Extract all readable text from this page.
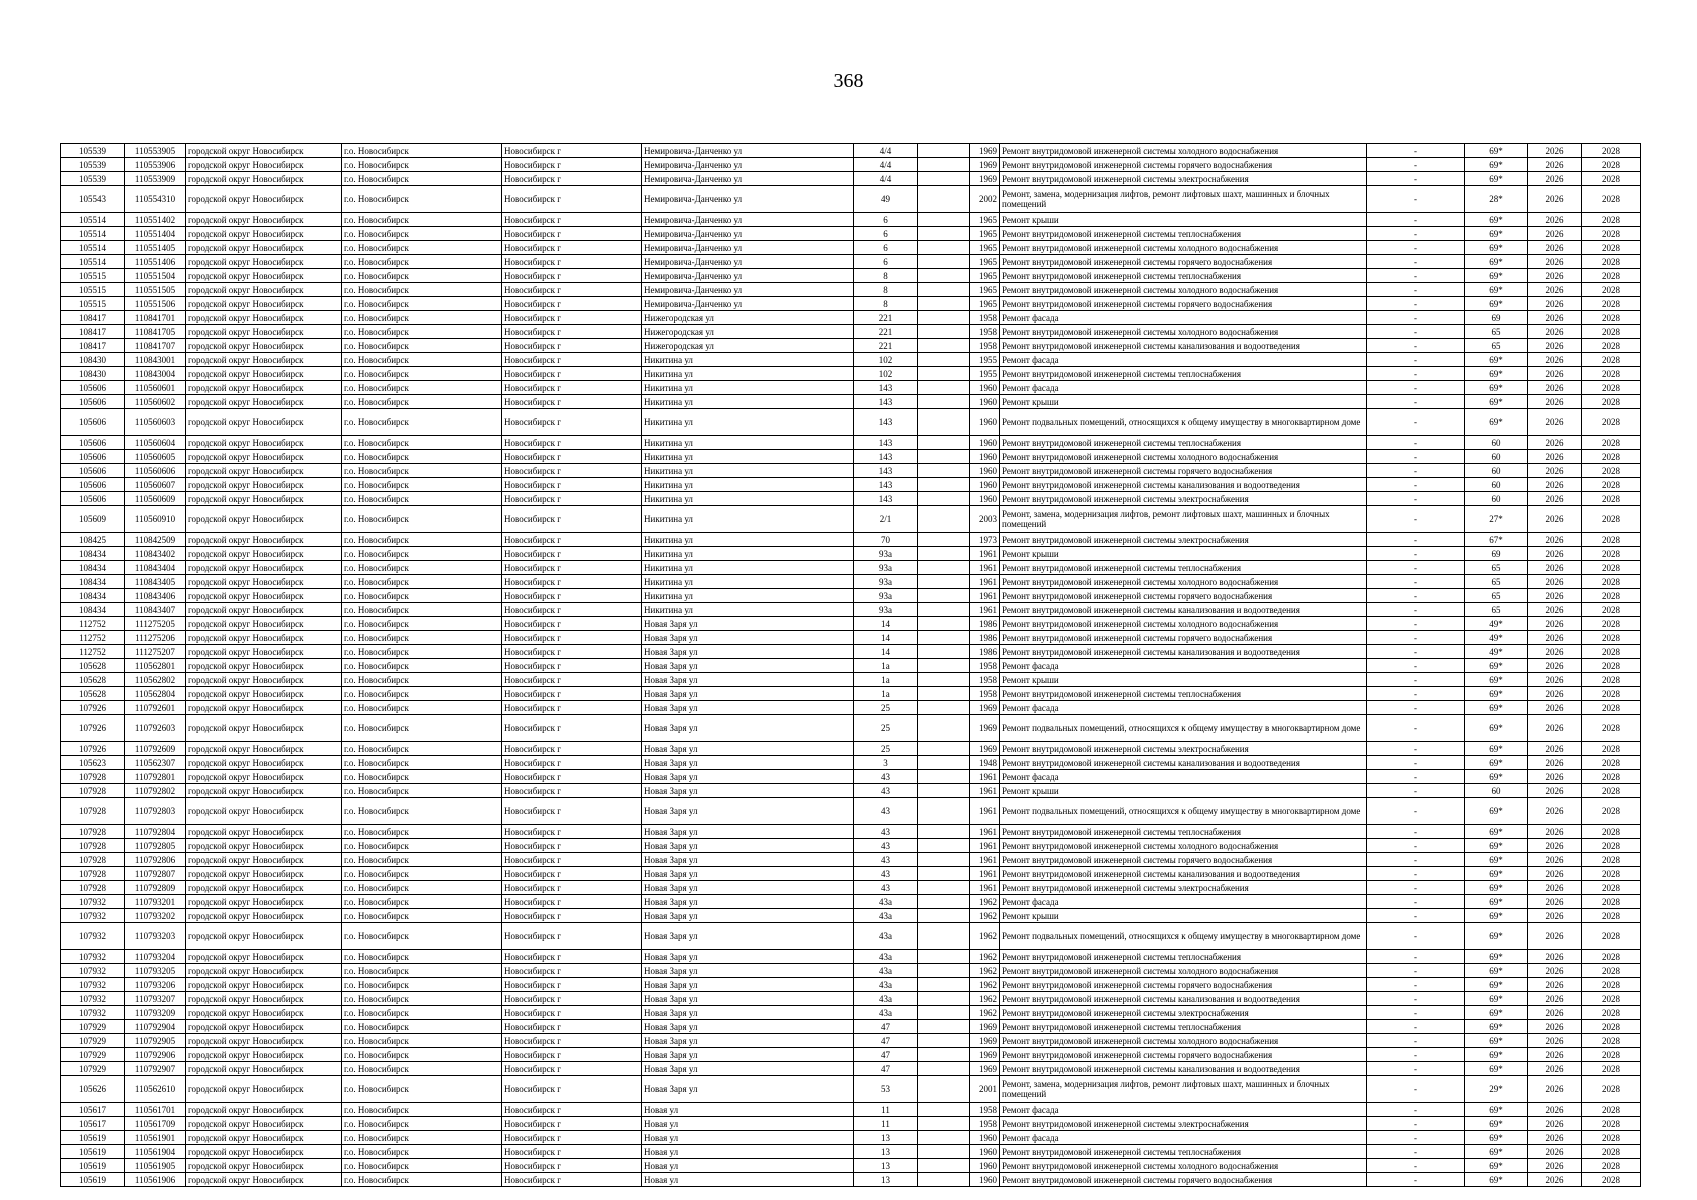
368
105539	110553905	городской округ Новосибирск	г.о. Новосибирск	Новосибирск г	Немировича-Данченко ул	4/4		1969	Ремонт внутридомовой инженерной системы холодного водоснабжения	-	69*	2026	2028
105539	110553906	городской округ Новосибирск	г.о. Новосибирск	Новосибирск г	Немировича-Данченко ул	4/4		1969	Ремонт внутридомовой инженерной системы горячего водоснабжения	-	69*	2026	2028
105539	110553909	городской округ Новосибирск	г.о. Новосибирск	Новосибирск г	Немировича-Данченко ул	4/4		1969	Ремонт внутридомовой инженерной системы электроснабжения	-	69*	2026	2028
105543	110554310	городской округ Новосибирск	г.о. Новосибирск	Новосибирск г	Немировича-Данченко ул	49		2002	Ремонт, замена, модернизация лифтов, ремонт лифтовых шахт, машинных и блочных помещений	-	28*	2026	2028
105514	110551402	городской округ Новосибирск	г.о. Новосибирск	Новосибирск г	Немировича-Данченко ул	6		1965	Ремонт крыши	-	69*	2026	2028
105514	110551404	городской округ Новосибирск	г.о. Новосибирск	Новосибирск г	Немировича-Данченко ул	6		1965	Ремонт внутридомовой инженерной системы теплоснабжения	-	69*	2026	2028
105514	110551405	городской округ Новосибирск	г.о. Новосибирск	Новосибирск г	Немировича-Данченко ул	6		1965	Ремонт внутридомовой инженерной системы холодного водоснабжения	-	69*	2026	2028
105514	110551406	городской округ Новосибирск	г.о. Новосибирск	Новосибирск г	Немировича-Данченко ул	6		1965	Ремонт внутридомовой инженерной системы горячего водоснабжения	-	69*	2026	2028
105515	110551504	городской округ Новосибирск	г.о. Новосибирск	Новосибирск г	Немировича-Данченко ул	8		1965	Ремонт внутридомовой инженерной системы теплоснабжения	-	69*	2026	2028
105515	110551505	городской округ Новосибирск	г.о. Новосибирск	Новосибирск г	Немировича-Данченко ул	8		1965	Ремонт внутридомовой инженерной системы холодного водоснабжения	-	69*	2026	2028
105515	110551506	городской округ Новосибирск	г.о. Новосибирск	Новосибирск г	Немировича-Данченко ул	8		1965	Ремонт внутридомовой инженерной системы горячего водоснабжения	-	69*	2026	2028
108417	110841701	городской округ Новосибирск	г.о. Новосибирск	Новосибирск г	Нижегородская ул	221		1958	Ремонт фасада	-	69	2026	2028
108417	110841705	городской округ Новосибирск	г.о. Новосибирск	Новосибирск г	Нижегородская ул	221		1958	Ремонт внутридомовой инженерной системы холодного водоснабжения	-	65	2026	2028
108417	110841707	городской округ Новосибирск	г.о. Новосибирск	Новосибирск г	Нижегородская ул	221		1958	Ремонт внутридомовой инженерной системы канализования и водоотведения	-	65	2026	2028
108430	110843001	городской округ Новосибирск	г.о. Новосибирск	Новосибирск г	Никитина ул	102		1955	Ремонт фасада	-	69*	2026	2028
108430	110843004	городской округ Новосибирск	г.о. Новосибирск	Новосибирск г	Никитина ул	102		1955	Ремонт внутридомовой инженерной системы теплоснабжения	-	69*	2026	2028
105606	110560601	городской округ Новосибирск	г.о. Новосибирск	Новосибирск г	Никитина ул	143		1960	Ремонт фасада	-	69*	2026	2028
105606	110560602	городской округ Новосибирск	г.о. Новосибирск	Новосибирск г	Никитина ул	143		1960	Ремонт крыши	-	69*	2026	2028
105606	110560603	городской округ Новосибирск	г.о. Новосибирск	Новосибирск г	Никитина ул	143		1960	Ремонт подвальных помещений, относящихся к общему имуществу в многоквартирном доме	-	69*	2026	2028
105606	110560604	городской округ Новосибирск	г.о. Новосибирск	Новосибирск г	Никитина ул	143		1960	Ремонт внутридомовой инженерной системы теплоснабжения	-	60	2026	2028
105606	110560605	городской округ Новосибирск	г.о. Новосибирск	Новосибирск г	Никитина ул	143		1960	Ремонт внутридомовой инженерной системы холодного водоснабжения	-	60	2026	2028
105606	110560606	городской округ Новосибирск	г.о. Новосибирск	Новосибирск г	Никитина ул	143		1960	Ремонт внутридомовой инженерной системы горячего водоснабжения	-	60	2026	2028
105606	110560607	городской округ Новосибирск	г.о. Новосибирск	Новосибирск г	Никитина ул	143		1960	Ремонт внутридомовой инженерной системы канализования и водоотведения	-	60	2026	2028
105606	110560609	городской округ Новосибирск	г.о. Новосибирск	Новосибирск г	Никитина ул	143		1960	Ремонт внутридомовой инженерной системы электроснабжения	-	60	2026	2028
105609	110560910	городской округ Новосибирск	г.о. Новосибирск	Новосибирск г	Никитина ул	2/1		2003	Ремонт, замена, модернизация лифтов, ремонт лифтовых шахт, машинных и блочных помещений	-	27*	2026	2028
108425	110842509	городской округ Новосибирск	г.о. Новосибирск	Новосибирск г	Никитина ул	70		1973	Ремонт внутридомовой инженерной системы электроснабжения	-	67*	2026	2028
108434	110843402	городской округ Новосибирск	г.о. Новосибирск	Новосибирск г	Никитина ул	93а		1961	Ремонт крыши	-	69	2026	2028
108434	110843404	городской округ Новосибирск	г.о. Новосибирск	Новосибирск г	Никитина ул	93а		1961	Ремонт внутридомовой инженерной системы теплоснабжения	-	65	2026	2028
108434	110843405	городской округ Новосибирск	г.о. Новосибирск	Новосибирск г	Никитина ул	93а		1961	Ремонт внутридомовой инженерной системы холодного водоснабжения	-	65	2026	2028
108434	110843406	городской округ Новосибирск	г.о. Новосибирск	Новосибирск г	Никитина ул	93а		1961	Ремонт внутридомовой инженерной системы горячего водоснабжения	-	65	2026	2028
108434	110843407	городской округ Новосибирск	г.о. Новосибирск	Новосибирск г	Никитина ул	93а		1961	Ремонт внутридомовой инженерной системы канализования и водоотведения	-	65	2026	2028
112752	111275205	городской округ Новосибирск	г.о. Новосибирск	Новосибирск г	Новая Заря ул	14		1986	Ремонт внутридомовой инженерной системы холодного водоснабжения	-	49*	2026	2028
112752	111275206	городской округ Новосибирск	г.о. Новосибирск	Новосибирск г	Новая Заря ул	14		1986	Ремонт внутридомовой инженерной системы горячего водоснабжения	-	49*	2026	2028
112752	111275207	городской округ Новосибирск	г.о. Новосибирск	Новосибирск г	Новая Заря ул	14		1986	Ремонт внутридомовой инженерной системы канализования и водоотведения	-	49*	2026	2028
105628	110562801	городской округ Новосибирск	г.о. Новосибирск	Новосибирск г	Новая Заря ул	1а		1958	Ремонт фасада	-	69*	2026	2028
105628	110562802	городской округ Новосибирск	г.о. Новосибирск	Новосибирск г	Новая Заря ул	1а		1958	Ремонт крыши	-	69*	2026	2028
105628	110562804	городской округ Новосибирск	г.о. Новосибирск	Новосибирск г	Новая Заря ул	1а		1958	Ремонт внутридомовой инженерной системы теплоснабжения	-	69*	2026	2028
107926	110792601	городской округ Новосибирск	г.о. Новосибирск	Новосибирск г	Новая Заря ул	25		1969	Ремонт фасада	-	69*	2026	2028
107926	110792603	городской округ Новосибирск	г.о. Новосибирск	Новосибирск г	Новая Заря ул	25		1969	Ремонт подвальных помещений, относящихся к общему имуществу в многоквартирном доме	-	69*	2026	2028
107926	110792609	городской округ Новосибирск	г.о. Новосибирск	Новосибирск г	Новая Заря ул	25		1969	Ремонт внутридомовой инженерной системы электроснабжения	-	69*	2026	2028
105623	110562307	городской округ Новосибирск	г.о. Новосибирск	Новосибирск г	Новая Заря ул	3		1948	Ремонт внутридомовой инженерной системы канализования и водоотведения	-	69*	2026	2028
107928	110792801	городской округ Новосибирск	г.о. Новосибирск	Новосибирск г	Новая Заря ул	43		1961	Ремонт фасада	-	69*	2026	2028
107928	110792802	городской округ Новосибирск	г.о. Новосибирск	Новосибирск г	Новая Заря ул	43		1961	Ремонт крыши	-	60	2026	2028
107928	110792803	городской округ Новосибирск	г.о. Новосибирск	Новосибирск г	Новая Заря ул	43		1961	Ремонт подвальных помещений, относящихся к общему имуществу в многоквартирном доме	-	69*	2026	2028
107928	110792804	городской округ Новосибирск	г.о. Новосибирск	Новосибирск г	Новая Заря ул	43		1961	Ремонт внутридомовой инженерной системы теплоснабжения	-	69*	2026	2028
107928	110792805	городской округ Новосибирск	г.о. Новосибирск	Новосибирск г	Новая Заря ул	43		1961	Ремонт внутридомовой инженерной системы холодного водоснабжения	-	69*	2026	2028
107928	110792806	городской округ Новосибирск	г.о. Новосибирск	Новосибирск г	Новая Заря ул	43		1961	Ремонт внутридомовой инженерной системы горячего водоснабжения	-	69*	2026	2028
107928	110792807	городской округ Новосибирск	г.о. Новосибирск	Новосибирск г	Новая Заря ул	43		1961	Ремонт внутридомовой инженерной системы канализования и водоотведения	-	69*	2026	2028
107928	110792809	городской округ Новосибирск	г.о. Новосибирск	Новосибирск г	Новая Заря ул	43		1961	Ремонт внутридомовой инженерной системы электроснабжения	-	69*	2026	2028
107932	110793201	городской округ Новосибирск	г.о. Новосибирск	Новосибирск г	Новая Заря ул	43а		1962	Ремонт фасада	-	69*	2026	2028
107932	110793202	городской округ Новосибирск	г.о. Новосибирск	Новосибирск г	Новая Заря ул	43а		1962	Ремонт крыши	-	69*	2026	2028
107932	110793203	городской округ Новосибирск	г.о. Новосибирск	Новосибирск г	Новая Заря ул	43а		1962	Ремонт подвальных помещений, относящихся к общему имуществу в многоквартирном доме	-	69*	2026	2028
107932	110793204	городской округ Новосибирск	г.о. Новосибирск	Новосибирск г	Новая Заря ул	43а		1962	Ремонт внутридомовой инженерной системы теплоснабжения	-	69*	2026	2028
107932	110793205	городской округ Новосибирск	г.о. Новосибирск	Новосибирск г	Новая Заря ул	43а		1962	Ремонт внутридомовой инженерной системы холодного водоснабжения	-	69*	2026	2028
107932	110793206	городской округ Новосибирск	г.о. Новосибирск	Новосибирск г	Новая Заря ул	43а		1962	Ремонт внутридомовой инженерной системы горячего водоснабжения	-	69*	2026	2028
107932	110793207	городской округ Новосибирск	г.о. Новосибирск	Новосибирск г	Новая Заря ул	43а		1962	Ремонт внутридомовой инженерной системы канализования и водоотведения	-	69*	2026	2028
107932	110793209	городской округ Новосибирск	г.о. Новосибирск	Новосибирск г	Новая Заря ул	43а		1962	Ремонт внутридомовой инженерной системы электроснабжения	-	69*	2026	2028
107929	110792904	городской округ Новосибирск	г.о. Новосибирск	Новосибирск г	Новая Заря ул	47		1969	Ремонт внутридомовой инженерной системы теплоснабжения	-	69*	2026	2028
107929	110792905	городской округ Новосибирск	г.о. Новосибирск	Новосибирск г	Новая Заря ул	47		1969	Ремонт внутридомовой инженерной системы холодного водоснабжения	-	69*	2026	2028
107929	110792906	городской округ Новосибирск	г.о. Новосибирск	Новосибирск г	Новая Заря ул	47		1969	Ремонт внутридомовой инженерной системы горячего водоснабжения	-	69*	2026	2028
107929	110792907	городской округ Новосибирск	г.о. Новосибирск	Новосибирск г	Новая Заря ул	47		1969	Ремонт внутридомовой инженерной системы канализования и водоотведения	-	69*	2026	2028
105626	110562610	городской округ Новосибирск	г.о. Новосибирск	Новосибирск г	Новая Заря ул	53		2001	Ремонт, замена, модернизация лифтов, ремонт лифтовых шахт, машинных и блочных помещений	-	29*	2026	2028
105617	110561701	городской округ Новосибирск	г.о. Новосибирск	Новосибирск г	Новая ул	11		1958	Ремонт фасада	-	69*	2026	2028
105617	110561709	городской округ Новосибирск	г.о. Новосибирск	Новосибирск г	Новая ул	11		1958	Ремонт внутридомовой инженерной системы электроснабжения	-	69*	2026	2028
105619	110561901	городской округ Новосибирск	г.о. Новосибирск	Новосибирск г	Новая ул	13		1960	Ремонт фасада	-	69*	2026	2028
105619	110561904	городской округ Новосибирск	г.о. Новосибирск	Новосибирск г	Новая ул	13		1960	Ремонт внутридомовой инженерной системы теплоснабжения	-	69*	2026	2028
105619	110561905	городской округ Новосибирск	г.о. Новосибирск	Новосибирск г	Новая ул	13		1960	Ремонт внутридомовой инженерной системы холодного водоснабжения	-	69*	2026	2028
105619	110561906	городской округ Новосибирск	г.о. Новосибирск	Новосибирск г	Новая ул	13		1960	Ремонт внутридомовой инженерной системы горячего водоснабжения	-	69*	2026	2028
